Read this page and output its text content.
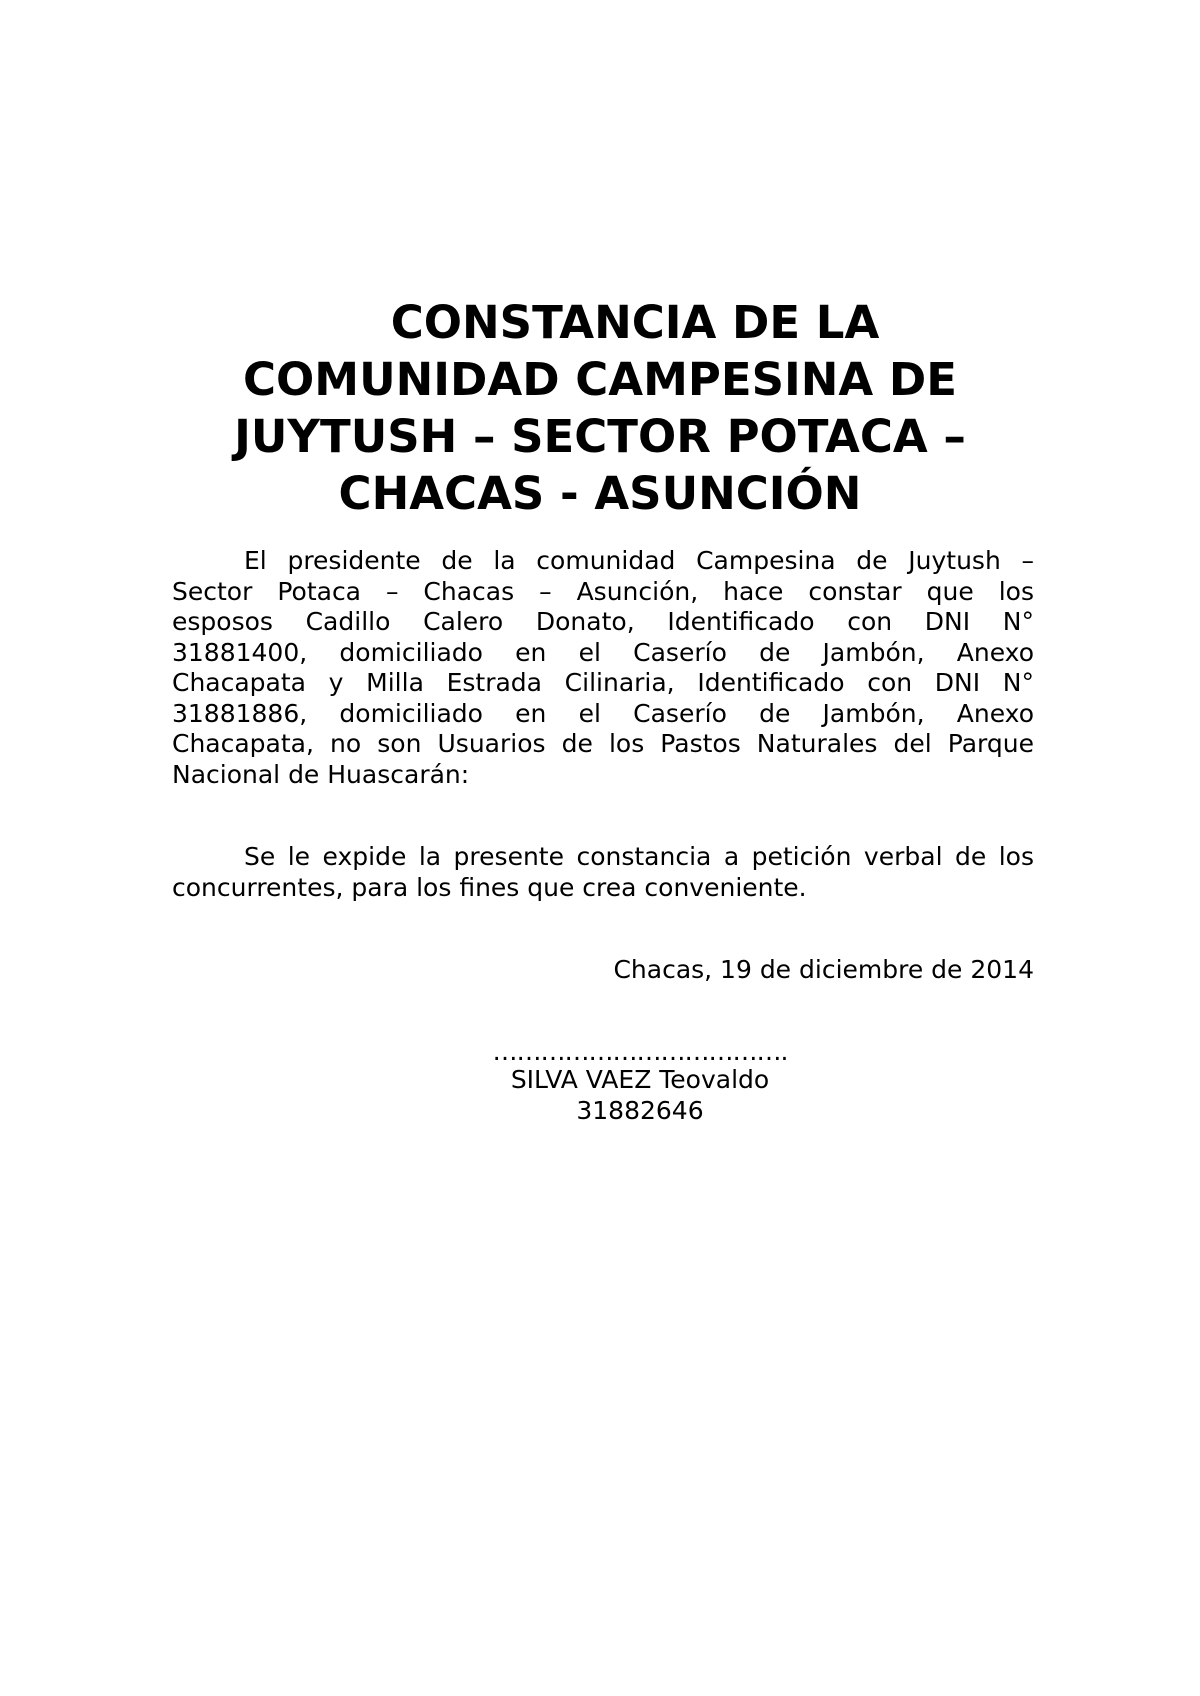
CONSTANCIA DE LA
COMUNIDAD CAMPESINA DE
JUYTUSH – SECTOR POTACA –
CHACAS - ASUNCIÓN

El presidente de la comunidad Campesina de Juytush –
Sector Potaca – Chacas – Asunción, hace constar que los
esposos Cadillo Calero Donato, Identificado con DNI N°
31881400, domiciliado en el Caserío de Jambón, Anexo
Chacapata y Milla Estrada Cilinaria, Identificado con DNI N°
31881886, domiciliado en el Caserío de Jambón, Anexo
Chacapata, no son Usuarios de los Pastos Naturales del Parque
Nacional de Huascarán:

Se le expide la presente constancia a petición verbal de los
concurrentes, para los fines que crea conveniente.

Chacas, 19 de diciembre de 2014

……………………………….
SILVA VAEZ Teovaldo
31882646
